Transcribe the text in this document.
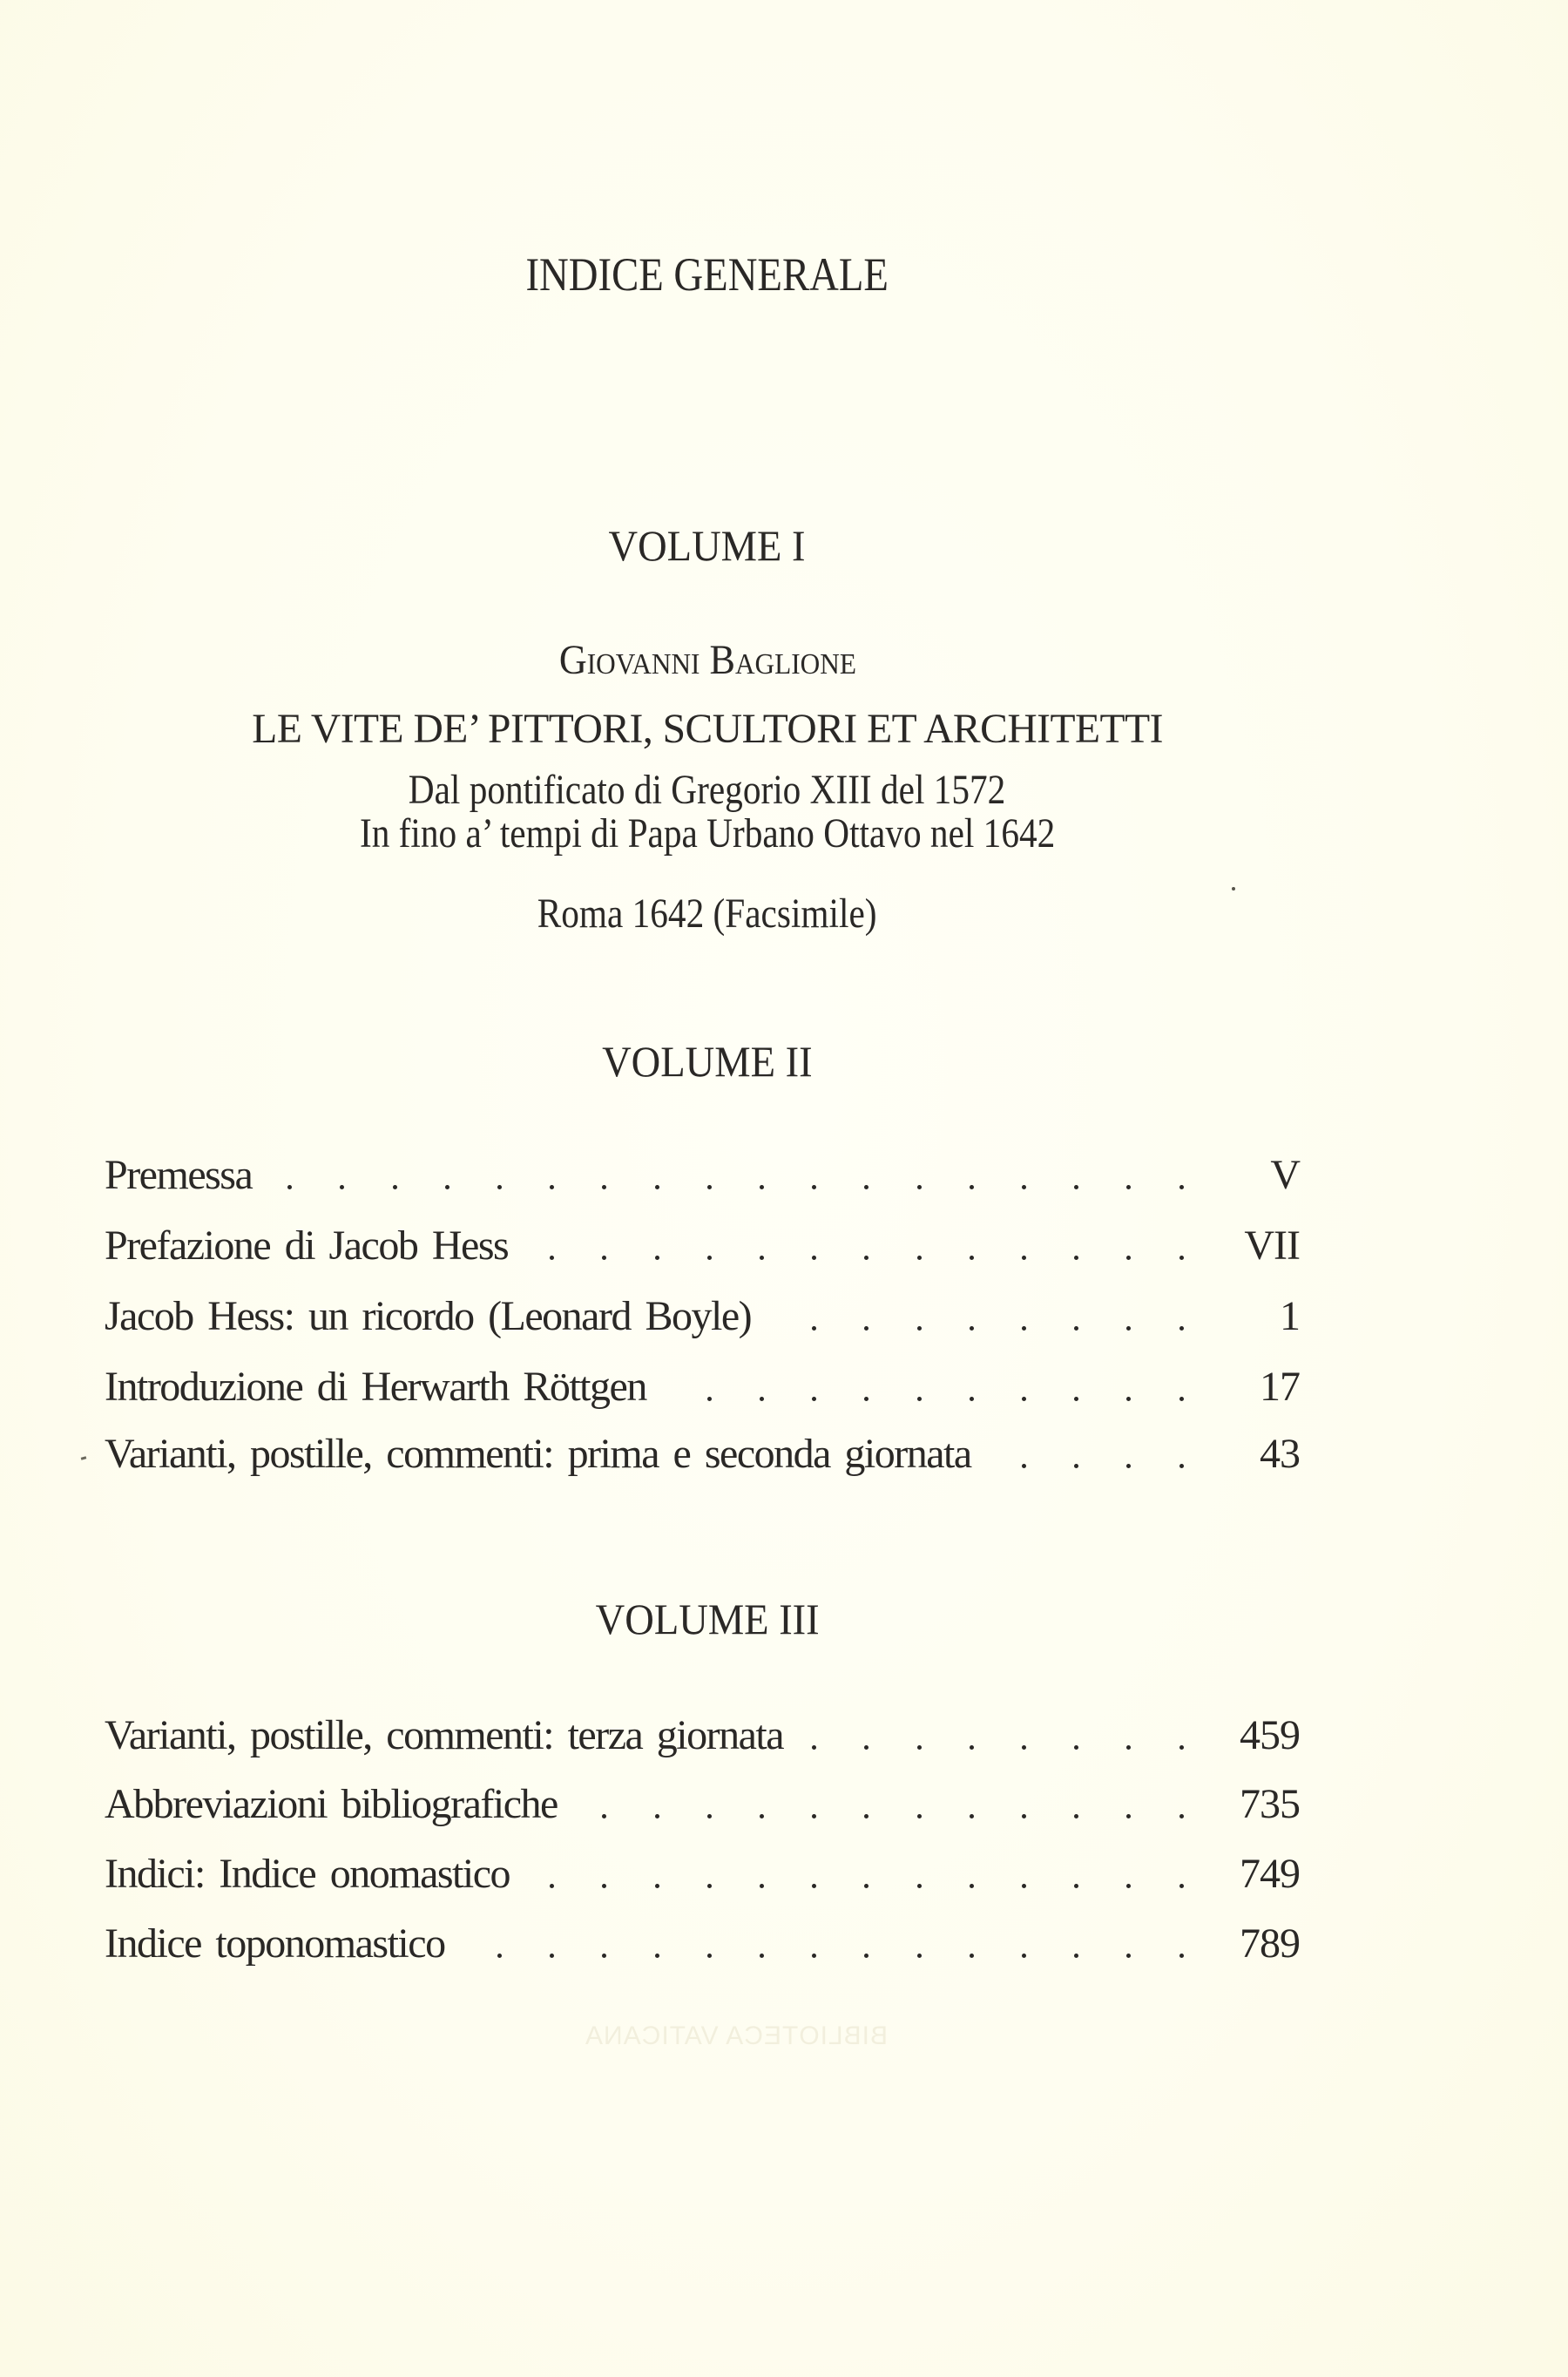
INDICE GENERALE
VOLUME I
Giovanni Baglione
LE VITE DE’ PITTORI, SCULTORI ET ARCHITETTI
Dal pontificato di Gregorio XIII del 1572
In fino a’ tempi di Papa Urbano Ottavo nel 1642
Roma 1642 (Facsimile)
VOLUME II
Premessa	V
Prefazione di Jacob Hess	VII
Jacob Hess: un ricordo (Leonard Boyle)	1
Introduzione di Herwarth Röttgen	17
Varianti, postille, commenti: prima e seconda giornata	43
VOLUME III
Varianti, postille, commenti: terza giornata	459
Abbreviazioni bibliografiche	735
Indici: Indice onomastico	749
Indice toponomastico	789
BIBLIOTECA VATICANA
